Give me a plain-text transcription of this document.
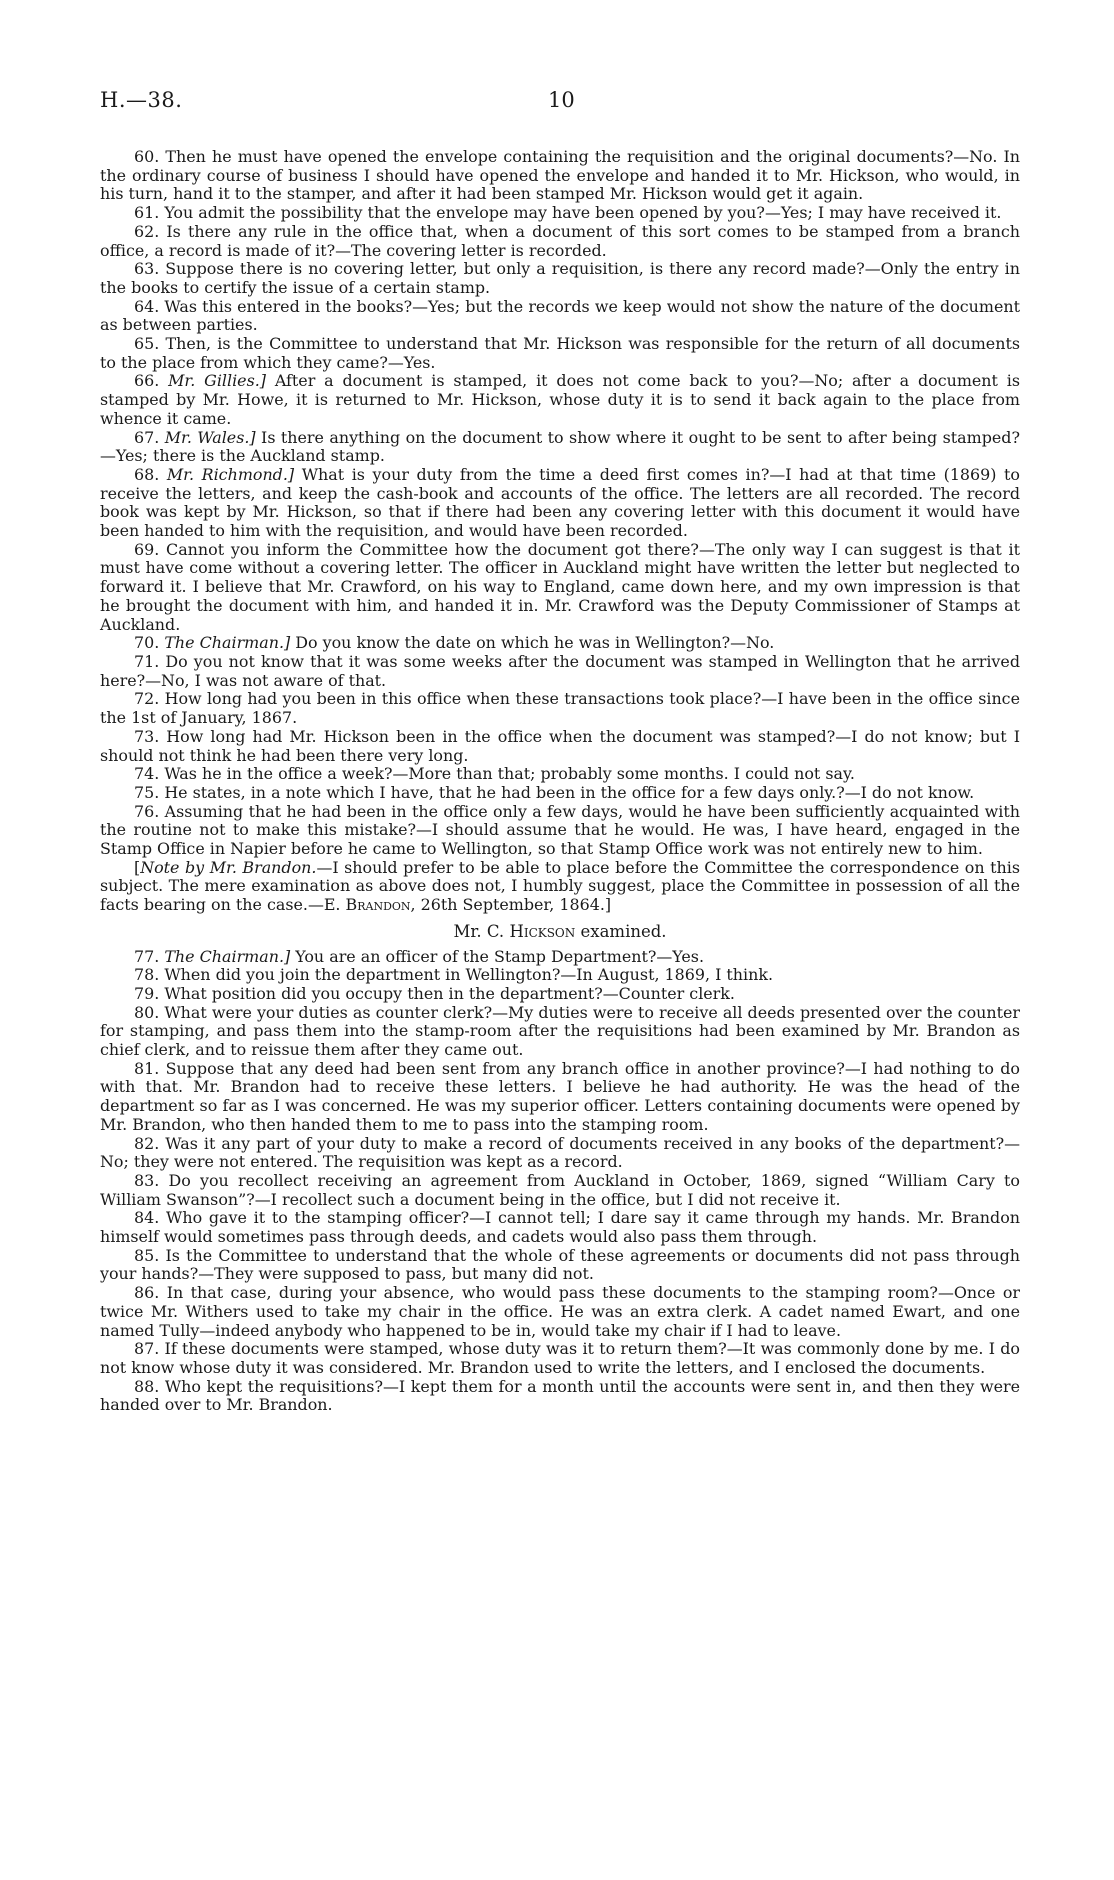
H.—38.	10

60. Then he must have opened the envelope containing the requisition and the original documents?—No. In the ordinary course of business I should have opened the envelope and handed it to Mr. Hickson, who would, in his turn, hand it to the stamper, and after it had been stamped Mr. Hickson would get it again.

61. You admit the possibility that the envelope may have been opened by you?—Yes; I may have received it.

62. Is there any rule in the office that, when a document of this sort comes to be stamped from a branch office, a record is made of it?—The covering letter is recorded.

63. Suppose there is no covering letter, but only a requisition, is there any record made?—Only the entry in the books to certify the issue of a certain stamp.

64. Was this entered in the books?—Yes; but the records we keep would not show the nature of the document as between parties.

65. Then, is the Committee to understand that Mr. Hickson was responsible for the return of all documents to the place from which they came?—Yes.

66. Mr. Gillies.] After a document is stamped, it does not come back to you?—No; after a document is stamped by Mr. Howe, it is returned to Mr. Hickson, whose duty it is to send it back again to the place from whence it came.

67. Mr. Wales.] Is there anything on the document to show where it ought to be sent to after being stamped?—Yes; there is the Auckland stamp.

68. Mr. Richmond.] What is your duty from the time a deed first comes in?—I had at that time (1869) to receive the letters, and keep the cash-book and accounts of the office. The letters are all recorded. The record book was kept by Mr. Hickson, so that if there had been any covering letter with this document it would have been handed to him with the requisition, and would have been recorded.

69. Cannot you inform the Committee how the document got there?—The only way I can suggest is that it must have come without a covering letter. The officer in Auckland might have written the letter but neglected to forward it. I believe that Mr. Crawford, on his way to England, came down here, and my own impression is that he brought the document with him, and handed it in. Mr. Crawford was the Deputy Commissioner of Stamps at Auckland.

70. The Chairman.] Do you know the date on which he was in Wellington?—No.

71. Do you not know that it was some weeks after the document was stamped in Wellington that he arrived here?—No, I was not aware of that.

72. How long had you been in this office when these transactions took place?—I have been in the office since the 1st of January, 1867.

73. How long had Mr. Hickson been in the office when the document was stamped?—I do not know; but I should not think he had been there very long.

74. Was he in the office a week?—More than that; probably some months. I could not say.

75. He states, in a note which I have, that he had been in the office for a few days only.?—I do not know.

76. Assuming that he had been in the office only a few days, would he have been sufficiently acquainted with the routine not to make this mistake?—I should assume that he would. He was, I have heard, engaged in the Stamp Office in Napier before he came to Wellington, so that Stamp Office work was not entirely new to him.

[Note by Mr. Brandon.—I should prefer to be able to place before the Committee the correspondence on this subject. The mere examination as above does not, I humbly suggest, place the Committee in possession of all the facts bearing on the case.—E. Brandon, 26th September, 1864.]

Mr. C. Hickson examined.

77. The Chairman.] You are an officer of the Stamp Department?—Yes.

78. When did you join the department in Wellington?—In August, 1869, I think.

79. What position did you occupy then in the department?—Counter clerk.

80. What were your duties as counter clerk?—My duties were to receive all deeds presented over the counter for stamping, and pass them into the stamp-room after the requisitions had been examined by Mr. Brandon as chief clerk, and to reissue them after they came out.

81. Suppose that any deed had been sent from any branch office in another province?—I had nothing to do with that. Mr. Brandon had to receive these letters. I believe he had authority. He was the head of the department so far as I was concerned. He was my superior officer. Letters containing documents were opened by Mr. Brandon, who then handed them to me to pass into the stamping room.

82. Was it any part of your duty to make a record of documents received in any books of the department?—No; they were not entered. The requisition was kept as a record.

83. Do you recollect receiving an agreement from Auckland in October, 1869, signed “William Cary to William Swanson”?—I recollect such a document being in the office, but I did not receive it.

84. Who gave it to the stamping officer?—I cannot tell; I dare say it came through my hands. Mr. Brandon himself would sometimes pass through deeds, and cadets would also pass them through.

85. Is the Committee to understand that the whole of these agreements or documents did not pass through your hands?—They were supposed to pass, but many did not.

86. In that case, during your absence, who would pass these documents to the stamping room?—Once or twice Mr. Withers used to take my chair in the office. He was an extra clerk. A cadet named Ewart, and one named Tully—indeed anybody who happened to be in, would take my chair if I had to leave.

87. If these documents were stamped, whose duty was it to return them?—It was commonly done by me. I do not know whose duty it was considered. Mr. Brandon used to write the letters, and I enclosed the documents.

88. Who kept the requisitions?—I kept them for a month until the accounts were sent in, and then they were handed over to Mr. Brandon.
